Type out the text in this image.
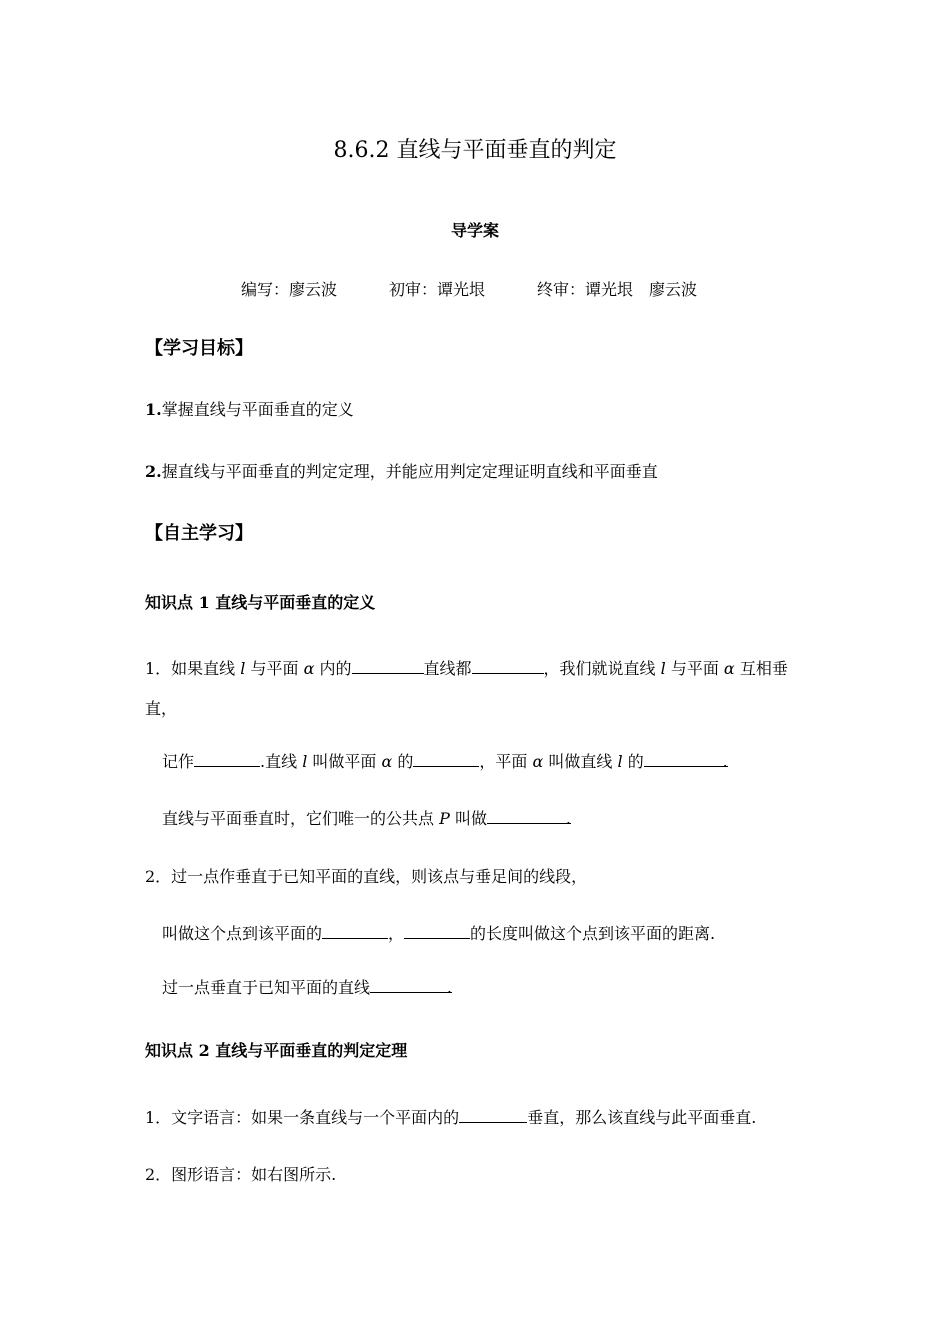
8.6.2 直线与平面垂直的判定
导学案
编写：廖云波	初审：谭光垠	终审：谭光垠　廖云波
【学习目标】
1.掌握直线与平面垂直的定义
2.握直线与平面垂直的判定定理，并能应用判定定理证明直线和平面垂直
【自主学习】
知识点 1 直线与平面垂直的定义
1．如果直线 l 与平面 α 内的	直线都	，我们就说直线 l 与平面 α 互相垂
直，
记作	.直线 l 叫做平面 α 的	，平面 α 叫做直线 l 的	.
直线与平面垂直时，它们唯一的公共点 P 叫做	.
2．过一点作垂直于已知平面的直线，则该点与垂足间的线段，
叫做这个点到该平面的	，	的长度叫做这个点到该平面的距离.
过一点垂直于已知平面的直线	.
知识点 2 直线与平面垂直的判定定理
1．文字语言：如果一条直线与一个平面内的	垂直，那么该直线与此平面垂直.
2．图形语言：如右图所示.
